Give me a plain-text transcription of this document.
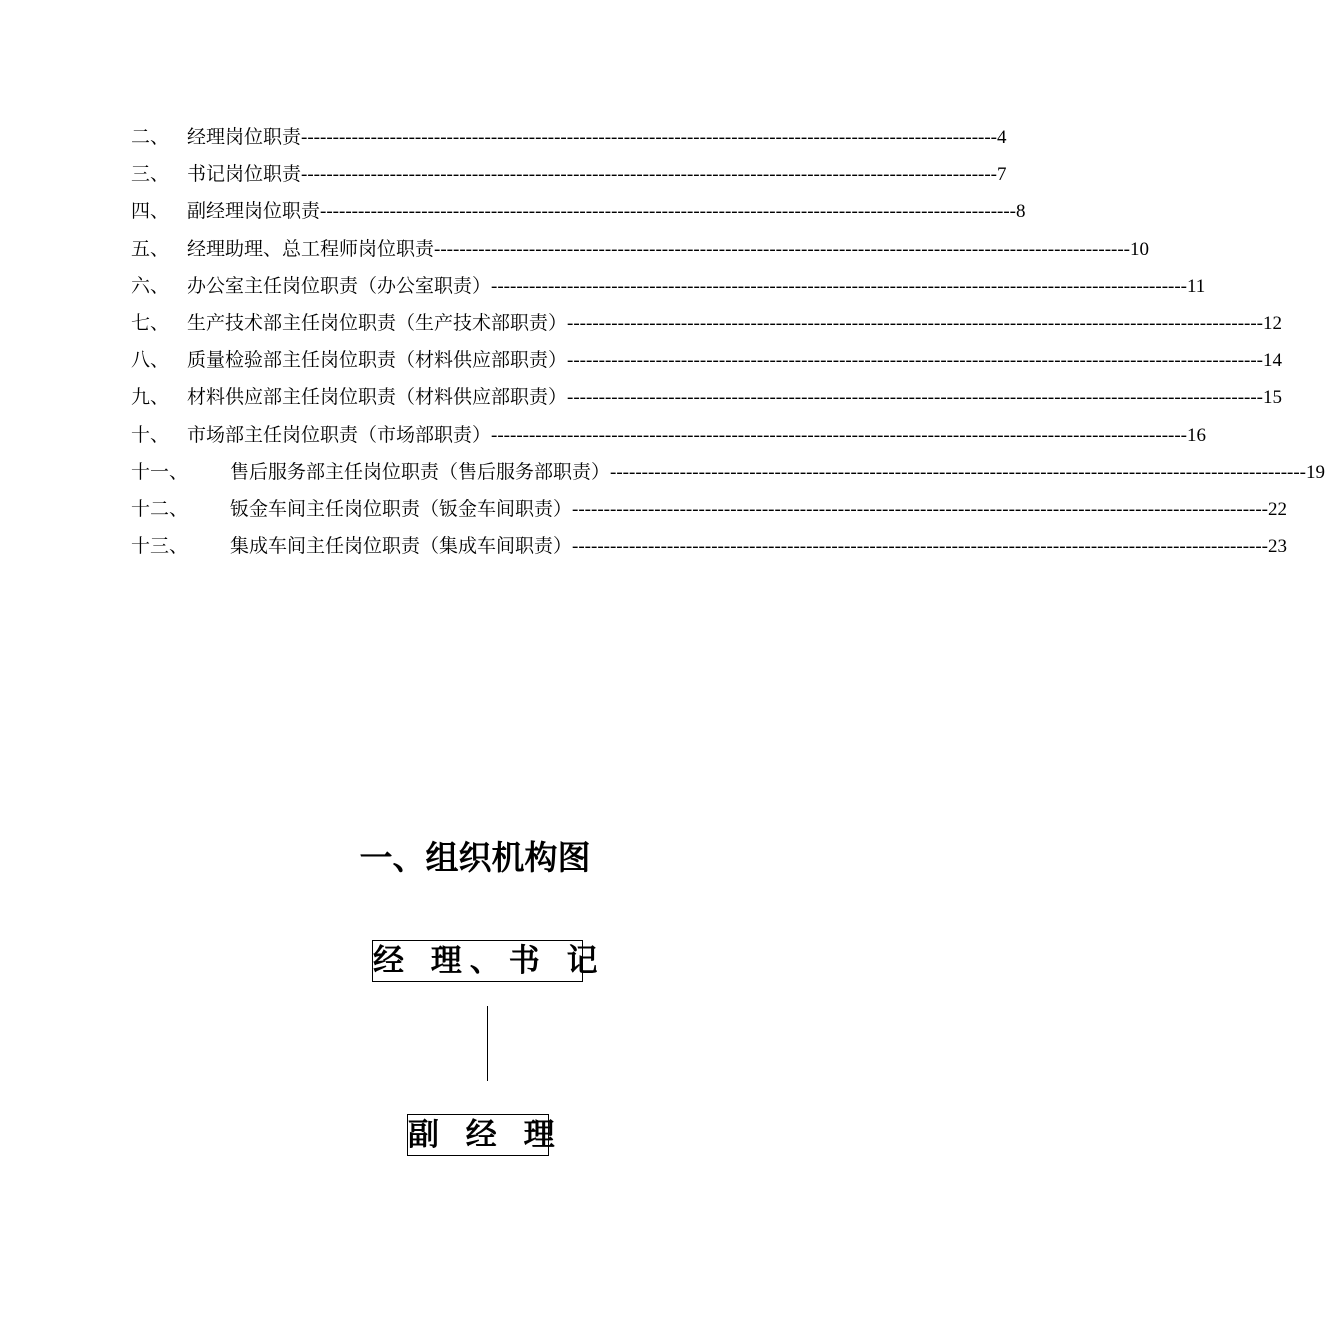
二、 经理岗位职责 -------------------------------------------------------------------------------------------------------------- 4
三、 书记岗位职责 -------------------------------------------------------------------------------------------------------------- 7
四、 副经理岗位职责 -------------------------------------------------------------------------------------------------------------- 8
五、 经理助理、总工程师岗位职责 -------------------------------------------------------------------------------------------------------------- 10
六、 办公室主任岗位职责（办公室职责） -------------------------------------------------------------------------------------------------------------- 11
七、 生产技术部主任岗位职责（生产技术部职责） -------------------------------------------------------------------------------------------------------------- 12
八、 质量检验部主任岗位职责（材料供应部职责） -------------------------------------------------------------------------------------------------------------- 14
九、 材料供应部主任岗位职责（材料供应部职责） -------------------------------------------------------------------------------------------------------------- 15
十、 市场部主任岗位职责（市场部职责） -------------------------------------------------------------------------------------------------------------- 16
十一、	售后服务部主任岗位职责（售后服务部职责） -------------------------------------------------------------------------------------------------------------- 19
十二、	钣金车间主任岗位职责（钣金车间职责） -------------------------------------------------------------------------------------------------------------- 22
十三、	集成车间主任岗位职责（集成车间职责） -------------------------------------------------------------------------------------------------------------- 23
一、组织机构图
经 理、书 记
副 经 理
